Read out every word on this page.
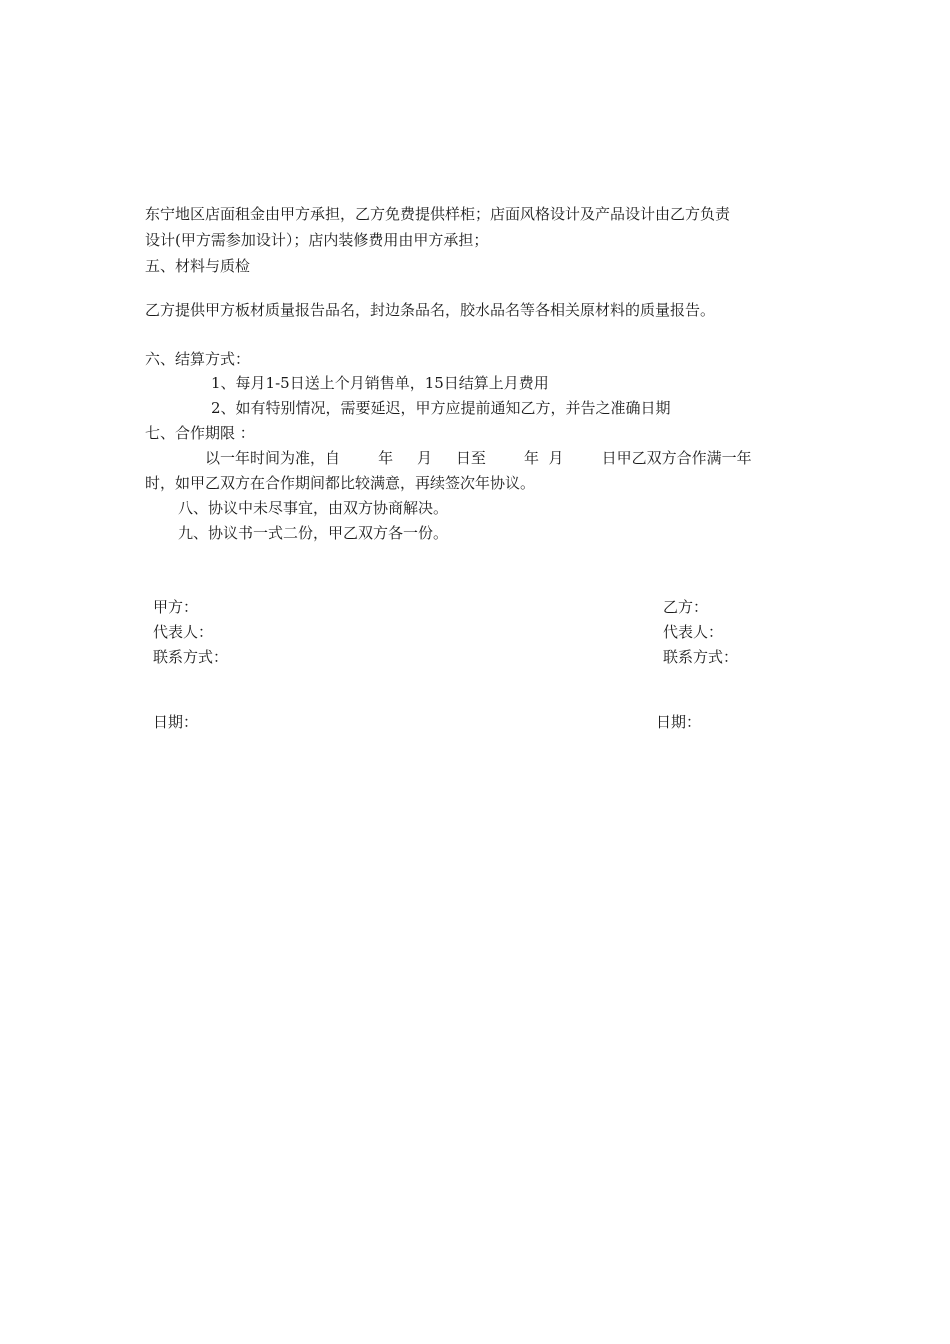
东宁地区店面租金由甲方承担，乙方免费提供样柜；店面风格设计及产品设计由乙方负责
设计(甲方需参加设计）；店内装修费用由甲方承担；
五、材料与质检
乙方提供甲方板材质量报告品名，封边条品名，胶水品名等各相关原材料的质量报告。
六、结算方式：
1、每月1-5日送上个月销售单，15日结算上月费用
2、如有特别情况，需要延迟，甲方应提前通知乙方，并告之准确日期
七、合作期限 ：
以一年时间为准，自        年     月     日至        年  月        日甲乙双方合作满一年
时，如甲乙双方在合作期间都比较满意，再续签次年协议。
八、协议中未尽事宜，由双方协商解决。
九、协议书一式二份，甲乙双方各一份。
甲方：
代表人：
联系方式：
日期：
乙方：
代表人：
联系方式：
日期：
